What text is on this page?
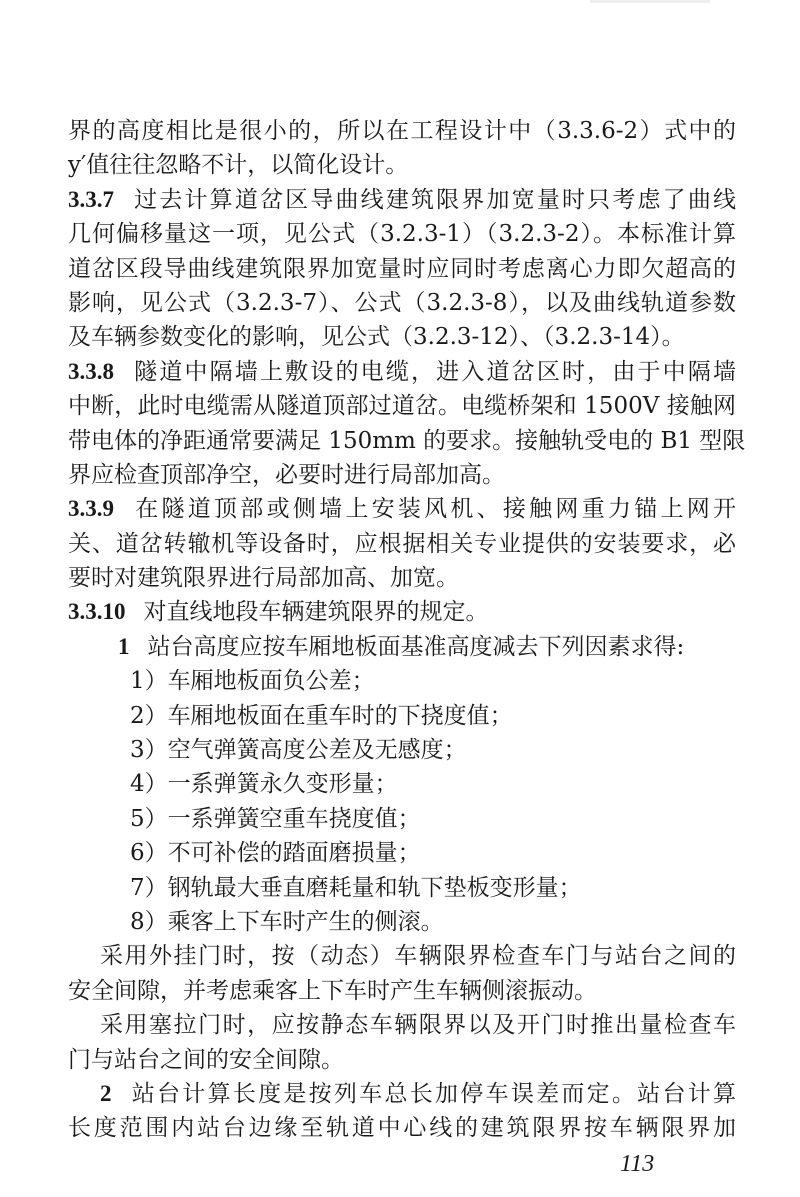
界的高度相比是很小的，所以在工程设计中（3.3.6-2）式中的
y′值往往忽略不计，以简化设计。
3.3.7 过去计算道岔区导曲线建筑限界加宽量时只考虑了曲线
几何偏移量这一项，见公式（3.2.3-1）（3.2.3-2）。本标准计算
道岔区段导曲线建筑限界加宽量时应同时考虑离心力即欠超高的
影响，见公式（3.2.3-7）、公式（3.2.3-8），以及曲线轨道参数
及车辆参数变化的影响，见公式（3.2.3-12）、（3.2.3-14）。
3.3.8 隧道中隔墙上敷设的电缆，进入道岔区时，由于中隔墙
中断，此时电缆需从隧道顶部过道岔。电缆桥架和 1500V 接触网
带电体的净距通常要满足 150mm 的要求。接触轨受电的 B1 型限
界应检查顶部净空，必要时进行局部加高。
3.3.9 在隧道顶部或侧墙上安装风机、接触网重力锚上网开
关、道岔转辙机等设备时，应根据相关专业提供的安装要求，必
要时对建筑限界进行局部加高、加宽。
3.3.10 对直线地段车辆建筑限界的规定。
1 站台高度应按车厢地板面基准高度减去下列因素求得:
1）车厢地板面负公差；
2）车厢地板面在重车时的下挠度值；
3）空气弹簧高度公差及无感度；
4）一系弹簧永久变形量；
5）一系弹簧空重车挠度值；
6）不可补偿的踏面磨损量；
7）钢轨最大垂直磨耗量和轨下垫板变形量；
8）乘客上下车时产生的侧滚。
采用外挂门时，按（动态）车辆限界检查车门与站台之间的
安全间隙，并考虑乘客上下车时产生车辆侧滚振动。
采用塞拉门时，应按静态车辆限界以及开门时推出量检查车
门与站台之间的安全间隙。
2 站台计算长度是按列车总长加停车误差而定。站台计算
长度范围内站台边缘至轨道中心线的建筑限界按车辆限界加
113
